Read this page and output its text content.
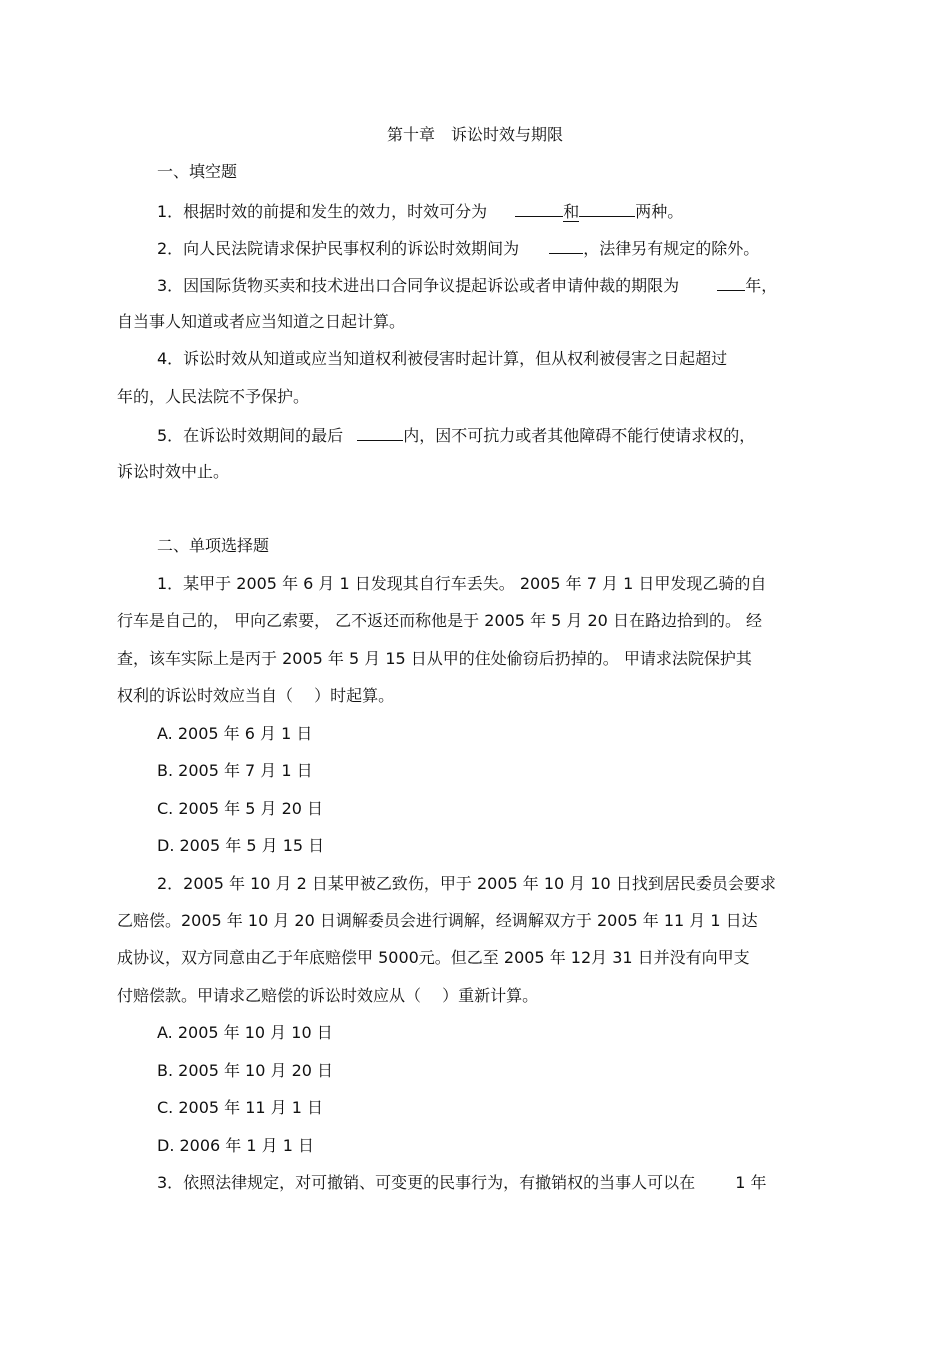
第十章　诉讼时效与期限
一、填空题
1．根据时效的前提和发生的效力，时效可分为	和	两种。
2．向人民法院请求保护民事权利的诉讼时效期间为	，法律另有规定的除外。
3．因国际货物买卖和技术进出口合同争议提起诉讼或者申请仲裁的期限为	年，
自当事人知道或者应当知道之日起计算。
4．诉讼时效从知道或应当知道权利被侵害时起计算，但从权利被侵害之日起超过
年的，人民法院不予保护。
5．在诉讼时效期间的最后	内，因不可抗力或者其他障碍不能行使请求权的，
诉讼时效中止。
二、单项选择题
1．某甲于 2005 年 6 月 1 日发现其自行车丢失。 2005 年 7 月 1 日甲发现乙骑的自
行车是自己的， 甲向乙索要， 乙不返还而称他是于 2005 年 5 月 20 日在路边拾到的。 经
查，该车实际上是丙于 2005 年 5 月 15 日从甲的住处偷窃后扔掉的。 甲请求法院保护其
权利的诉讼时效应当自（　 ）时起算。
A. 2005 年 6 月 1 日
B. 2005 年 7 月 1 日
C. 2005 年 5 月 20 日
D. 2005 年 5 月 15 日
2．2005 年 10 月 2 日某甲被乙致伤，甲于 2005 年 10 月 10 日找到居民委员会要求
乙赔偿。2005 年 10 月 20 日调解委员会进行调解，经调解双方于 2005 年 11 月 1 日达
成协议，双方同意由乙于年底赔偿甲 5000元。但乙至 2005 年 12月 31 日并没有向甲支
付赔偿款。甲请求乙赔偿的诉讼时效应从（　 ）重新计算。
A. 2005 年 10 月 10 日
B. 2005 年 10 月 20 日
C. 2005 年 11 月 1 日
D. 2006 年 1 月 1 日
3．依照法律规定，对可撤销、可变更的民事行为，有撤销权的当事人可以在	1 年
